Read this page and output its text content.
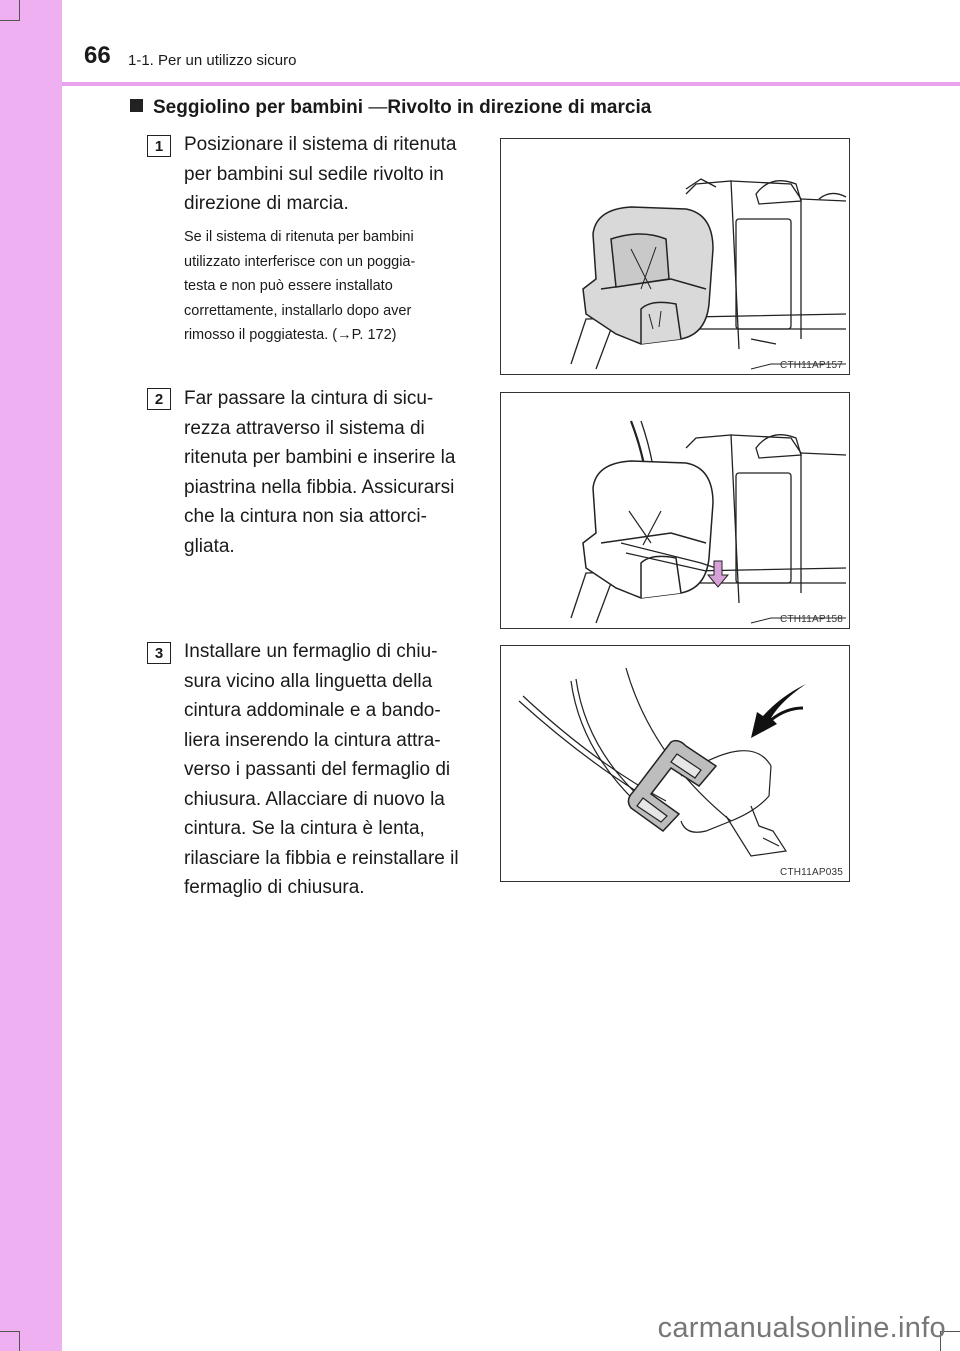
66 1-1. Per un utilizzo sicuro
Seggiolino per bambini —Rivolto in direzione di marcia
1	Posizionare il sistema di ritenuta
per bambini sul sedile rivolto in
direzione di marcia.
Se il sistema di ritenuta per bambini
utilizzato interferisce con un poggia-
testa e non può essere installato
correttamente, installarlo dopo aver
rimosso il poggiatesta. (→P. 172)
CTH11AP157
2	Far passare la cintura di sicu-
rezza attraverso il sistema di
ritenuta per bambini e inserire la
piastrina nella fibbia. Assicurarsi
che la cintura non sia attorci-
gliata.
CTH11AP158
3	Installare un fermaglio di chiu-
sura vicino alla linguetta della
cintura addominale e a bando-
liera inserendo la cintura attra-
verso i passanti del fermaglio di
chiusura. Allacciare di nuovo la
cintura. Se la cintura è lenta,
rilasciare la fibbia e reinstallare il
fermaglio di chiusura.
CTH11AP035
carmanualsonline.info
